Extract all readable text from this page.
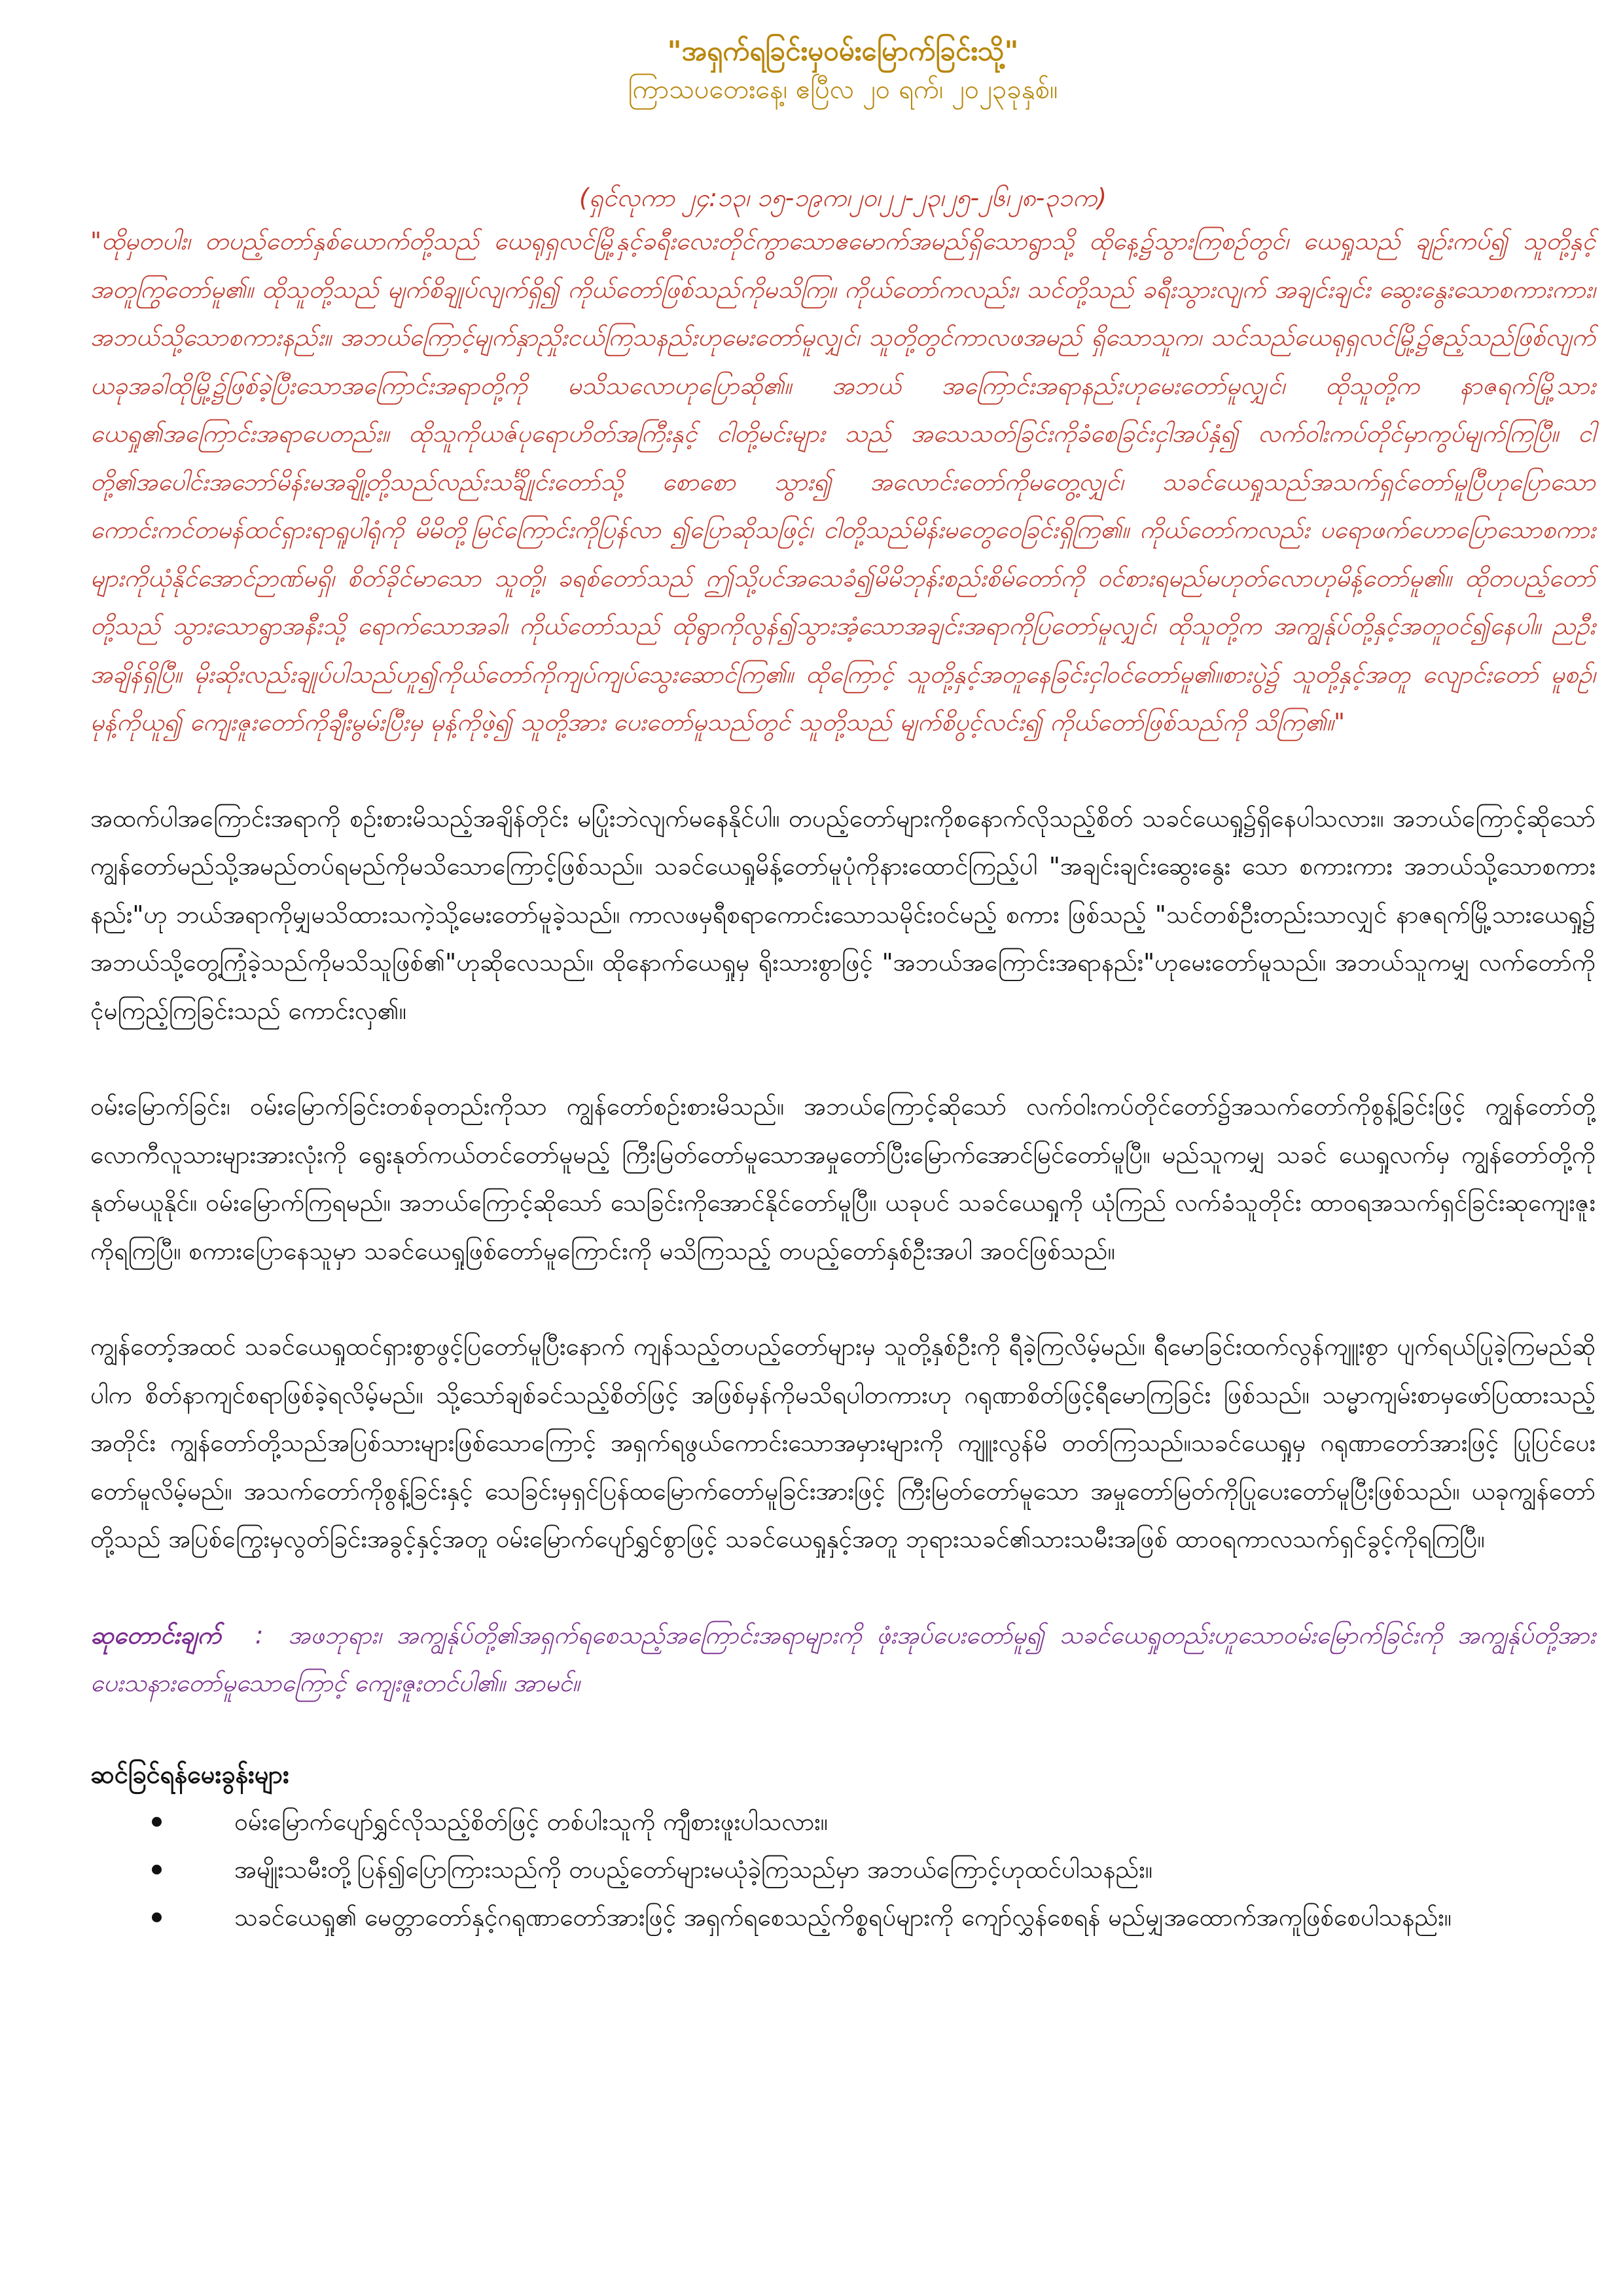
"အရှက်ရခြင်းမှဝမ်းမြောက်ခြင်းသို့"

ကြာသပတေးနေ့၊ ဧပြီလ ၂၀ ရက်၊ ၂၀၂၃ခုနှစ်။

(ရှင်လုကာ ၂၄:၁၃၊ ၁၅-၁၉က၊၂၀၊၂၂-၂၃၊၂၅-၂၆၊၂၈-၃၁က)

"ထိုမှတပါး၊ တပည့်တော်နှစ်ယောက်တို့သည် ယေရုရှလင်မြို့နှင့်ခရီးလေးတိုင်ကွာသောဧမောက်အမည်ရှိသောရွာသို့ ထိုနေ့၌သွားကြစဉ်တွင်၊ ယေရှုသည် ချဉ်းကပ်၍ သူတို့နှင့်အတူကြွတော်မူ၏။ ထိုသူတို့သည် မျက်စိချုပ်လျက်ရှိ၍ ကိုယ်တော်ဖြစ်သည်ကိုမသိကြ။ ကိုယ်တော်ကလည်း၊ သင်တို့သည် ခရီးသွားလျက် အချင်းချင်း ဆွေးနွေးသောစကားကား၊ အဘယ်သို့သောစကားနည်း။ အဘယ်ကြောင့်မျက်နှာညှိုးငယ်ကြသနည်းဟုမေးတော်မူလျှင်၊ သူတို့တွင်ကာလဖအမည် ရှိသောသူက၊ သင်သည်ယေရုရှလင်မြို့၌ဧည့်သည်ဖြစ်လျက် ယခုအခါထိုမြို့၌ဖြစ်ခဲ့ပြီးသောအကြောင်းအရာတို့ကို မသိသလောဟုပြောဆို၏။ အဘယ် အကြောင်းအရာနည်းဟုမေးတော်မူလျှင်၊ ထိုသူတို့က နာဇရက်မြို့သားယေရှု၏အကြောင်းအရာပေတည်း။ ထိုသူကိုယဇ်ပုရောဟိတ်အကြီးနှင့် ငါတို့မင်းများ သည် အသေသတ်ခြင်းကိုခံစေခြင်းငှါအပ်နှံ၍ လက်ဝါးကပ်တိုင်မှာကွပ်မျက်ကြပြီ။ ငါတို့၏အပေါင်းအဘော်မိန်းမအချို့တို့သည်လည်းသင်္ချိုင်းတော်သို့ စောစော သွား၍ အလောင်းတော်ကိုမတွေ့လျှင်၊ သခင်ယေရှုသည်အသက်ရှင်တော်မူပြီဟုပြောသော ကောင်းကင်တမန်ထင်ရှားရာရူပါရုံကို မိမိတို့မြင်ကြောင်းကိုပြန်လာ ၍ပြောဆိုသဖြင့်၊ ငါတို့သည်မိန်းမတွေဝေခြင်းရှိကြ၏။ ကိုယ်တော်ကလည်း ပရောဖက်ဟောပြောသောစကားများကိုယုံနိုင်အောင်ဉာဏ်မရှိ၊ စိတ်ခိုင်မာသော သူတို့၊ ခရစ်တော်သည် ဤသို့ပင်အသေခံ၍မိမိဘုန်းစည်းစိမ်တော်ကို ဝင်စားရမည်မဟုတ်လောဟုမိန့်တော်မူ၏။ ထိုတပည့်တော်တို့သည် သွားသောရွာအနီးသို့ ရောက်သောအခါ၊ ကိုယ်တော်သည် ထိုရွာကိုလွန်၍သွားအံ့သောအချင်းအရာကိုပြတော်မူလျှင်၊ ထိုသူတို့က အကျွန်ုပ်တို့နှင့်အတူဝင်၍နေပါ။ ညဦးအချိန်ရှိပြီ။ မိုးဆိုးလည်းချုပ်ပါသည်ဟူ၍ကိုယ်တော်ကိုကျပ်ကျပ်သွေးဆောင်ကြ၏။ ထိုကြောင့် သူတို့နှင့်အတူနေခြင်းငှါဝင်တော်မူ၏။စားပွဲ၌ သူတို့နှင့်အတူ လျောင်းတော် မူစဉ်၊ မုန့်ကိုယူ၍ ကျေးဇူးတော်ကိုချီးမွမ်းပြီးမှ မုန့်ကိုဖဲ့၍ သူတို့အား ပေးတော်မူသည်တွင် သူတို့သည် မျက်စိပွင့်လင်း၍ ကိုယ်တော်ဖြစ်သည်ကို သိကြ၏။"

အထက်ပါအကြောင်းအရာကို စဉ်းစားမိသည့်အချိန်တိုင်း မပြုံးဘဲလျက်မနေနိုင်ပါ။ တပည့်တော်များကိုစနောက်လိုသည့်စိတ် သခင်ယေရှု၌ရှိနေပါသလား။ အဘယ်ကြောင့်ဆိုသော် ကျွန်တော်မည်သို့အမည်တပ်ရမည်ကိုမသိသောကြောင့်ဖြစ်သည်။ သခင်ယေရှုမိန့်တော်မူပုံကိုနားထောင်ကြည့်ပါ "အချင်းချင်းဆွေးနွေး သော စကားကား အဘယ်သို့သောစကားနည်း"ဟု ဘယ်အရာကိုမျှမသိထားသကဲ့သို့မေးတော်မူခဲ့သည်။ ကာလဖမှရီစရာကောင်းသောသမိုင်းဝင်မည့် စကား ဖြစ်သည့် "သင်တစ်ဦးတည်းသာလျှင် နာဇရက်မြို့သားယေရှု၌ အဘယ်သို့တွေ့ကြုံခဲ့သည်ကိုမသိသူဖြစ်၏"ဟုဆိုလေသည်။ ထိုနောက်ယေရှုမှ ရိုးသားစွာဖြင့် "အဘယ်အကြောင်းအရာနည်း"ဟုမေးတော်မူသည်။ အဘယ်သူကမျှ လက်တော်ကိုငုံမကြည့်ကြခြင်းသည် ကောင်းလှ၏။

ဝမ်းမြောက်ခြင်း၊ ဝမ်းမြောက်ခြင်းတစ်ခုတည်းကိုသာ ကျွန်တော်စဉ်းစားမိသည်။ အဘယ်ကြောင့်ဆိုသော် လက်ဝါးကပ်တိုင်တော်၌အသက်တော်ကိုစွန့်ခြင်းဖြင့် ကျွန်တော်တို့ လောကီလူသားများအားလုံးကို ရွေးနုတ်ကယ်တင်တော်မူမည့် ကြီးမြတ်တော်မူသောအမှုတော်ပြီးမြောက်အောင်မြင်တော်မူပြီ။ မည်သူကမျှ သခင် ယေရှုလက်မှ ကျွန်တော်တို့ကိုနုတ်မယူနိုင်။ ဝမ်းမြောက်ကြရမည်။ အဘယ်ကြောင့်ဆိုသော် သေခြင်းကိုအောင်နိုင်တော်မူပြီ။ ယခုပင် သခင်ယေရှုကို ယုံကြည် လက်ခံသူတိုင်း ထာဝရအသက်ရှင်ခြင်းဆုကျေးဇူးကိုရကြပြီ။ စကားပြောနေသူမှာ သခင်ယေရှုဖြစ်တော်မူကြောင်းကို မသိကြသည့် တပည့်တော်နှစ်ဦးအပါ အဝင်ဖြစ်သည်။

ကျွန်တော့်အထင် သခင်ယေရှုထင်ရှားစွာဖွင့်ပြတော်မူပြီးနောက် ကျန်သည့်တပည့်တော်များမှ သူတို့နှစ်ဦးကို ရီခဲ့ကြလိမ့်မည်။ ရီမောခြင်းထက်လွန်ကျူးစွာ ပျက်ရယ်ပြုခဲ့ကြမည်ဆိုပါက စိတ်နာကျင်စရာဖြစ်ခဲ့ရလိမ့်မည်။ သို့သော်ချစ်ခင်သည့်စိတ်ဖြင့် အဖြစ်မှန်ကိုမသိရပါတကားဟု ဂရုဏာစိတ်ဖြင့်ရီမောကြခြင်း ဖြစ်သည်။ သမ္မာကျမ်းစာမှဖော်ပြထားသည့်အတိုင်း ကျွန်တော်တို့သည်အပြစ်သားများဖြစ်သောကြောင့် အရှက်ရဖွယ်ကောင်းသောအမှားများကို ကျူးလွန်မိ တတ်ကြသည်။သခင်ယေရှုမှ ဂရုဏာတော်အားဖြင့် ပြုပြင်ပေးတော်မူလိမ့်မည်။ အသက်တော်ကိုစွန့်ခြင်းနှင့် သေခြင်းမှရှင်ပြန်ထမြောက်တော်မူခြင်းအားဖြင့် ကြီးမြတ်တော်မူသော အမှုတော်မြတ်ကိုပြုပေးတော်မူပြီးဖြစ်သည်။ ယခုကျွန်တော်တို့သည် အပြစ်ကြွေးမှလွတ်ခြင်းအခွင့်နှင့်အတူ ဝမ်းမြောက်ပျော်ရွှင်စွာဖြင့် သခင်ယေရှုနှင့်အတူ ဘုရားသခင်၏သားသမီးအဖြစ် ထာဝရကာလသက်ရှင်ခွင့်ကိုရကြပြီ။

ဆုတောင်းချက် : အဖဘုရား၊ အကျွန်ုပ်တို့၏အရှက်ရစေသည့်အကြောင်းအရာများကို ဖုံးအုပ်ပေးတော်မူ၍ သခင်ယေရှုတည်းဟူသောဝမ်းမြောက်ခြင်းကို အကျွန်ုပ်တို့အား ပေးသနားတော်မူသောကြောင့် ကျေးဇူးတင်ပါ၏။ အာမင်။

ဆင်ခြင်ရန်မေးခွန်းများ
ဝမ်းမြောက်ပျော်ရွှင်လိုသည့်စိတ်ဖြင့် တစ်ပါးသူကို ကျီစားဖူးပါသလား။
အမျိုးသမီးတို့ပြန်၍ပြောကြားသည်ကို တပည့်တော်များမယုံခဲ့ကြသည်မှာ အဘယ်ကြောင့်ဟုထင်ပါသနည်း။
သခင်ယေရှု၏ မေတ္တာတော်နှင့်ဂရုဏာတော်အားဖြင့် အရှက်ရစေသည့်ကိစ္စရပ်များကို ကျော်လွှန်စေရန် မည်မျှအထောက်အကူဖြစ်စေပါသနည်း။
